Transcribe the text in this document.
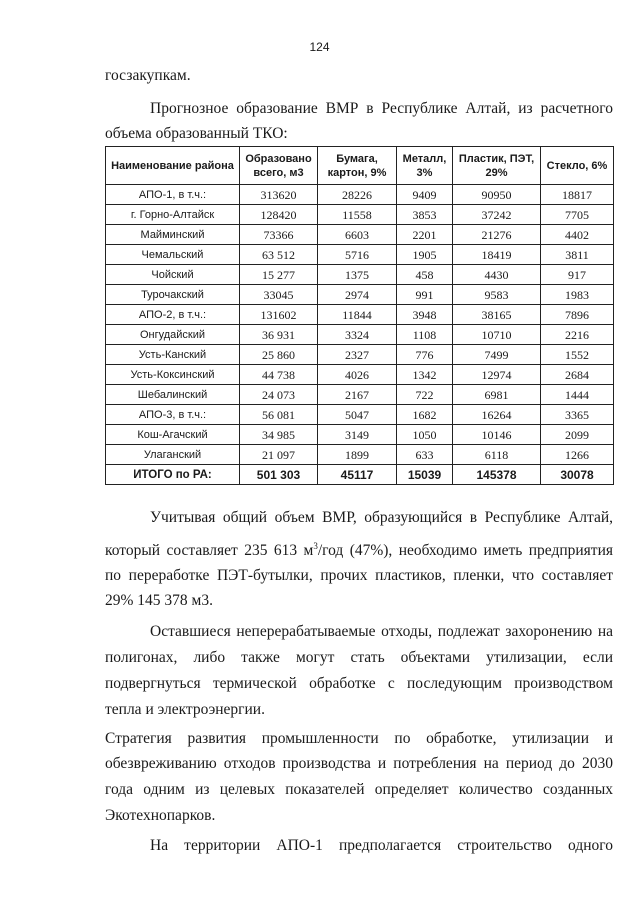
124
госзакупкам.
Прогнозное образование ВМР в Республике Алтай, из расчетного
объема образованный ТКО:
Наименование района	Образовано всего, м3	Бумага, картон, 9%	Металл, 3%	Пластик, ПЭТ, 29%	Стекло, 6%
АПО-1, в т.ч.:	313620	28226	9409	90950	18817
г. Горно-Алтайск	128420	11558	3853	37242	7705
Майминский	73366	6603	2201	21276	4402
Чемальский	63 512	5716	1905	18419	3811
Чойский	15 277	1375	458	4430	917
Турочакский	33045	2974	991	9583	1983
АПО-2, в т.ч.:	131602	11844	3948	38165	7896
Онгудайский	36 931	3324	1108	10710	2216
Усть-Канский	25 860	2327	776	7499	1552
Усть-Коксинский	44 738	4026	1342	12974	2684
Шебалинский	24 073	2167	722	6981	1444
АПО-3, в т.ч.:	56 081	5047	1682	16264	3365
Кош-Агачский	34 985	3149	1050	10146	2099
Улаганский	21 097	1899	633	6118	1266
ИТОГО по РА:	501 303	45117	15039	145378	30078
Учитывая общий объем ВМР, образующийся в Республике Алтай,
который составляет 235 613 $м^3$/год (47%), необходимо иметь предприятия
по переработке ПЭТ-бутылки, прочих пластиков, пленки, что составляет
29% 145 378 м3.
Оставшиеся неперерабатываемые отходы, подлежат захоронению на
полигонах, либо также могут стать объектами утилизации, если
подвергнуться термической обработке с последующим производством
тепла и электроэнергии.
Стратегия развития промышленности по обработке, утилизации и
обезвреживанию отходов производства и потребления на период до 2030
года одним из целевых показателей определяет количество созданных
Экотехнопарков.
На территории АПО-1 предполагается строительство одного
